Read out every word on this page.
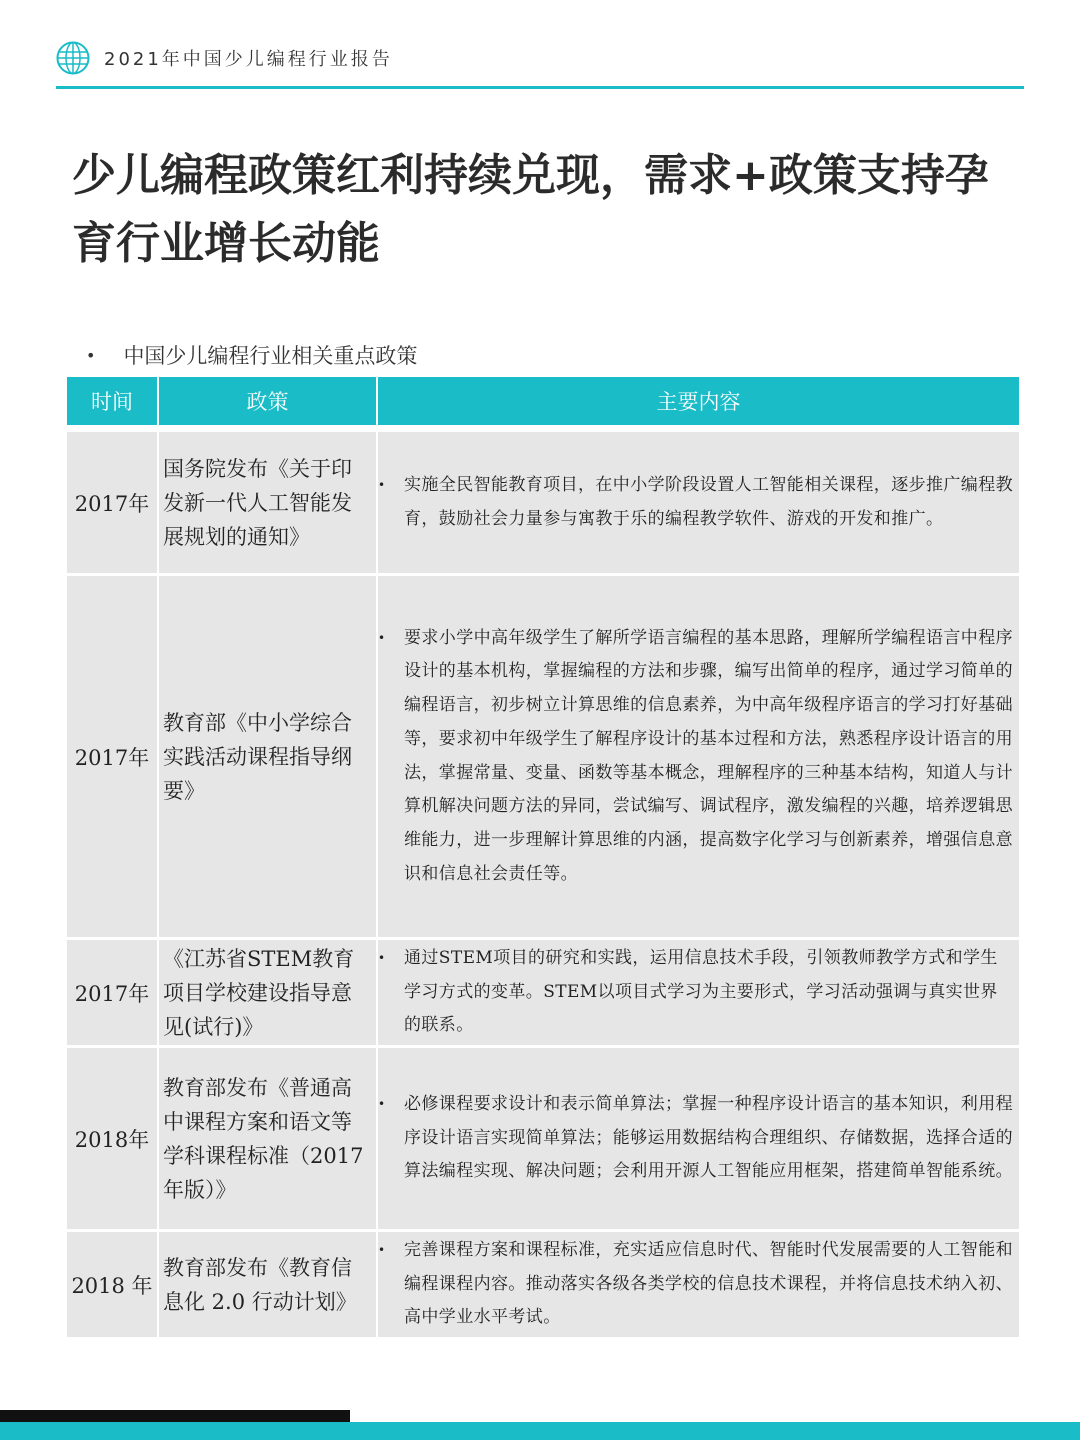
2021年中国少儿编程行业报告
少儿编程政策红利持续兑现，需求+政策支持孕育行业增长动能
• 中国少儿编程行业相关重点政策
时间	政策	主要内容

2017年	国务院发布《关于印发新一代人工智能发展规划的通知》	• 实施全民智能教育项目，在中小学阶段设置人工智能相关课程，逐步推广编程教育，鼓励社会力量参与寓教于乐的编程教学软件、游戏的开发和推广。

2017年	教育部《中小学综合实践活动课程指导纲要》	• 要求小学中高年级学生了解所学语言编程的基本思路，理解所学编程语言中程序设计的基本机构，掌握编程的方法和步骤，编写出简单的程序，通过学习简单的编程语言，初步树立计算思维的信息素养，为中高年级程序语言的学习打好基础等，要求初中年级学生了解程序设计的基本过程和方法，熟悉程序设计语言的用法，掌握常量、变量、函数等基本概念，理解程序的三种基本结构，知道人与计算机解决问题方法的异同，尝试编写、调试程序，激发编程的兴趣，培养逻辑思维能力，进一步理解计算思维的内涵，提高数字化学习与创新素养，增强信息意识和信息社会责任等。

2017年	《江苏省STEM教育项目学校建设指导意见(试行)》	• 通过STEM项目的研究和实践，运用信息技术手段，引领教师教学方式和学生学习方式的变革。STEM以项目式学习为主要形式，学习活动强调与真实世界的联系。

2018年	教育部发布《普通高中课程方案和语文等学科课程标准（2017 年版）》	• 必修课程要求设计和表示简单算法；掌握一种程序设计语言的基本知识，利用程序设计语言实现简单算法；能够运用数据结构合理组织、存储数据，选择合适的算法编程实现、解决问题；会利用开源人工智能应用框架，搭建简单智能系统。

2018 年	教育部发布《教育信息化 2.0 行动计划》	• 完善课程方案和课程标准，充实适应信息时代、智能时代发展需要的人工智能和编程课程内容。推动落实各级各类学校的信息技术课程，并将信息技术纳入初、高中学业水平考试。
